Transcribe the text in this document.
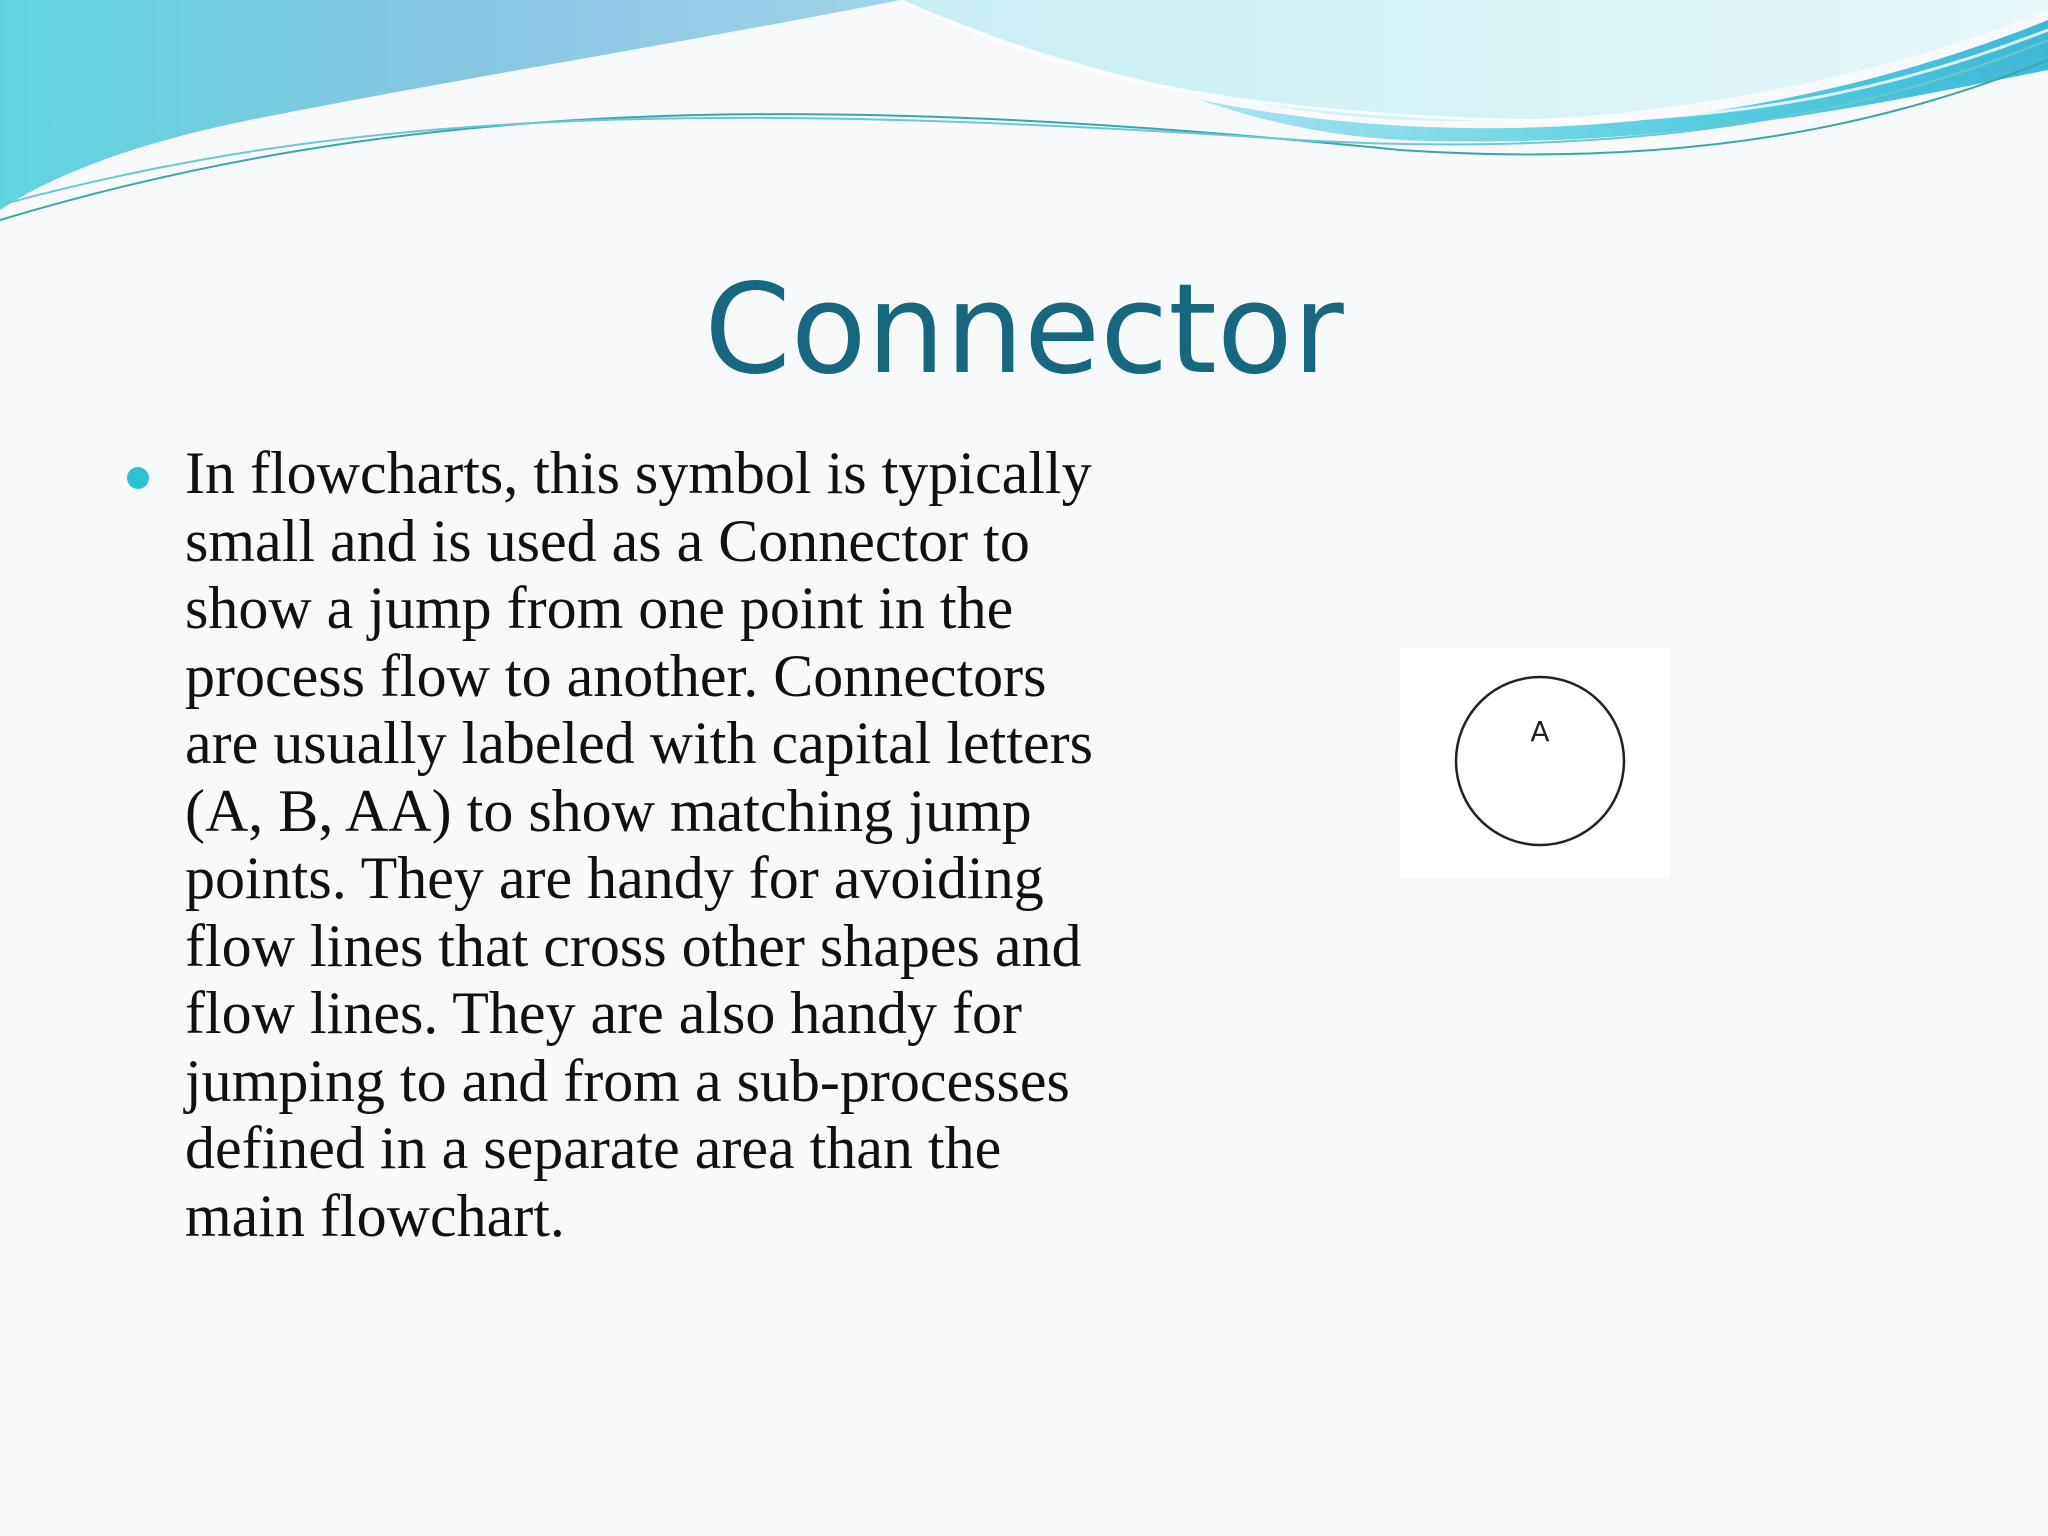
Connector
In flowcharts, this symbol is typically small and is used as a Connector to show a jump from one point in the process flow to another. Connectors are usually labeled with capital letters (A, B, AA) to show matching jump points. They are handy for avoiding flow lines that cross other shapes and flow lines. They are also handy for jumping to and from a sub-processes defined in a separate area than the main flowchart.
A
